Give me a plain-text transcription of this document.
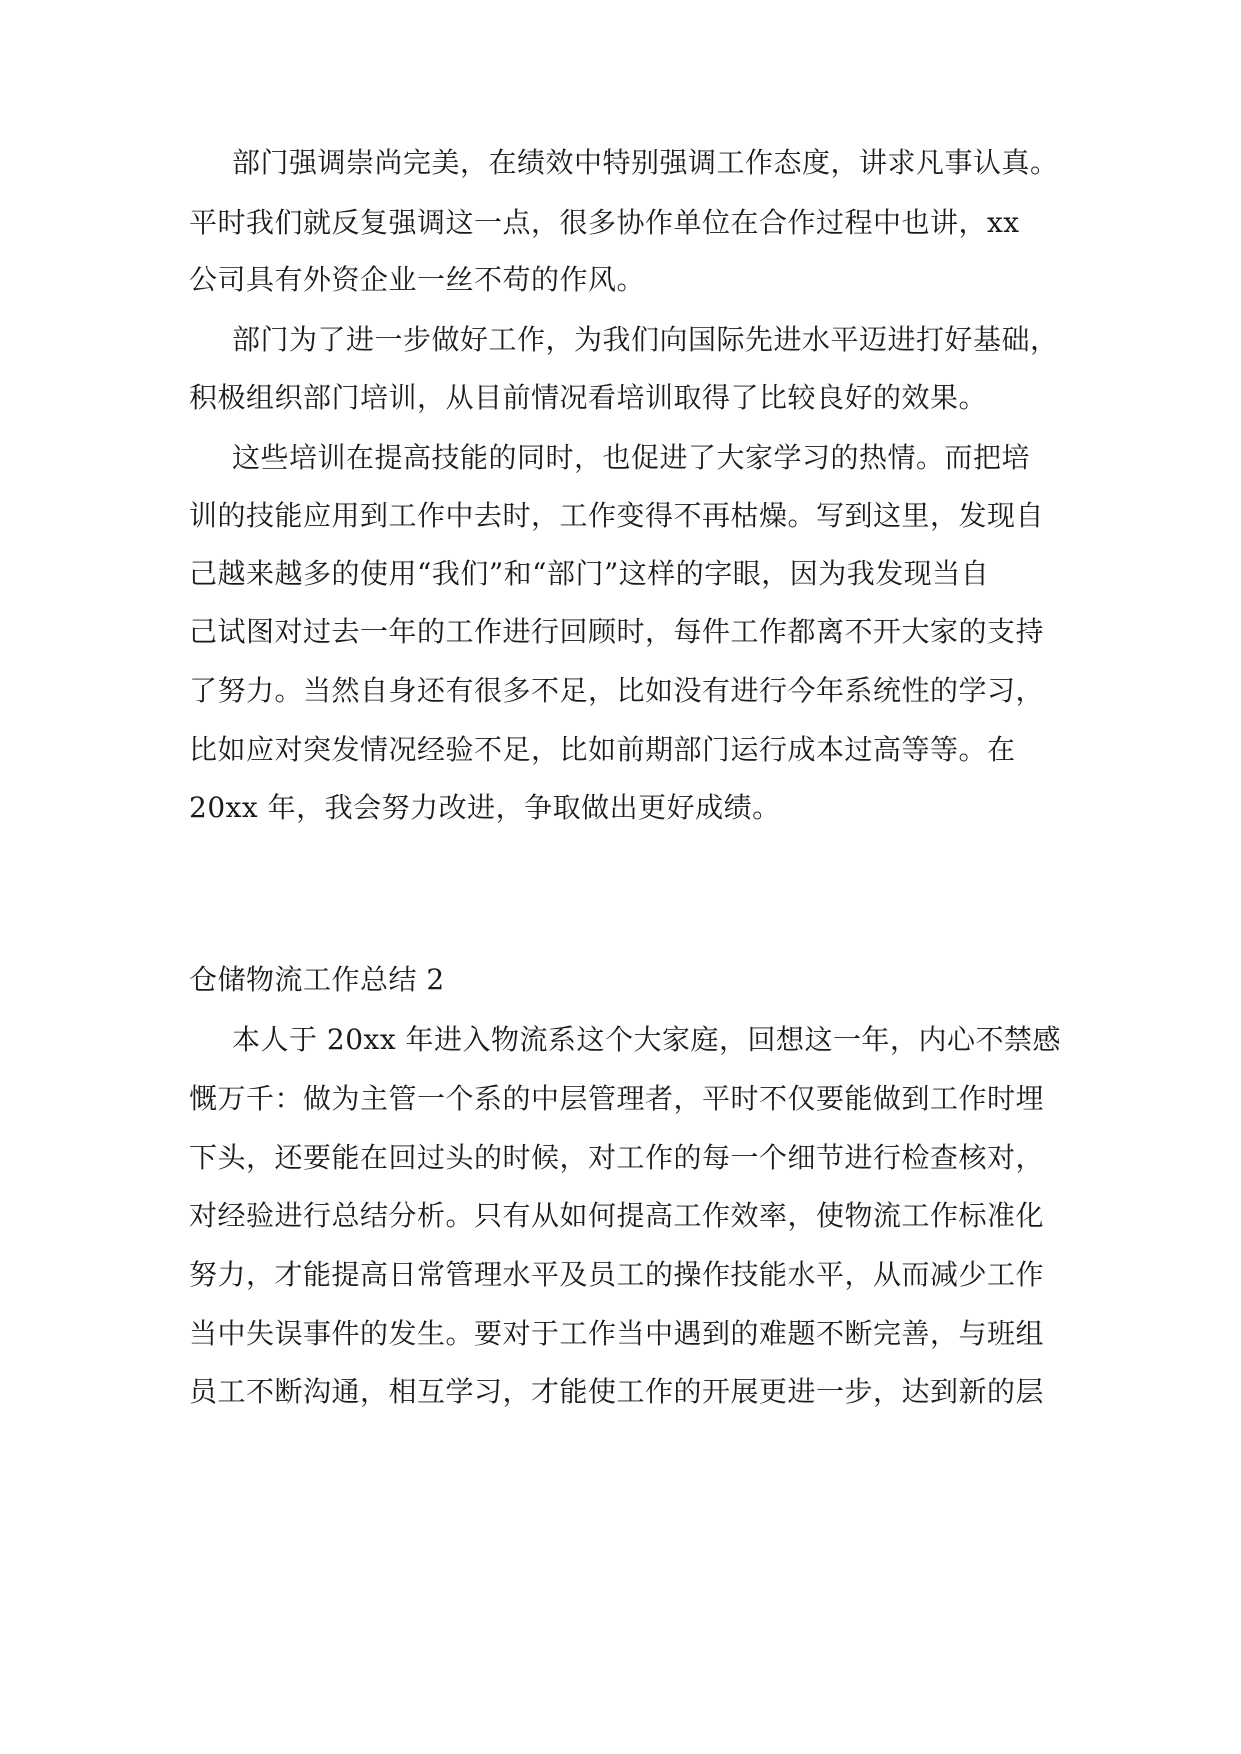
部门强调崇尚完美，在绩效中特别强调工作态度，讲求凡事认真。
平时我们就反复强调这一点，很多协作单位在合作过程中也讲，xx
公司具有外资企业一丝不苟的作风。
部门为了进一步做好工作，为我们向国际先进水平迈进打好基础，
积极组织部门培训，从目前情况看培训取得了比较良好的效果。
这些培训在提高技能的同时，也促进了大家学习的热情。而把培
训的技能应用到工作中去时，工作变得不再枯燥。写到这里，发现自
己越来越多的使用“我们”和“部门”这样的字眼，因为我发现当自
己试图对过去一年的工作进行回顾时，每件工作都离不开大家的支持
了努力。当然自身还有很多不足，比如没有进行今年系统性的学习，
比如应对突发情况经验不足，比如前期部门运行成本过高等等。在
20xx 年，我会努力改进，争取做出更好成绩。
仓储物流工作总结 2
本人于 20xx 年进入物流系这个大家庭，回想这一年，内心不禁感
慨万千：做为主管一个系的中层管理者，平时不仅要能做到工作时埋
下头，还要能在回过头的时候，对工作的每一个细节进行检查核对，
对经验进行总结分析。只有从如何提高工作效率，使物流工作标准化
努力，才能提高日常管理水平及员工的操作技能水平，从而减少工作
当中失误事件的发生。要对于工作当中遇到的难题不断完善，与班组
员工不断沟通，相互学习，才能使工作的开展更进一步，达到新的层
